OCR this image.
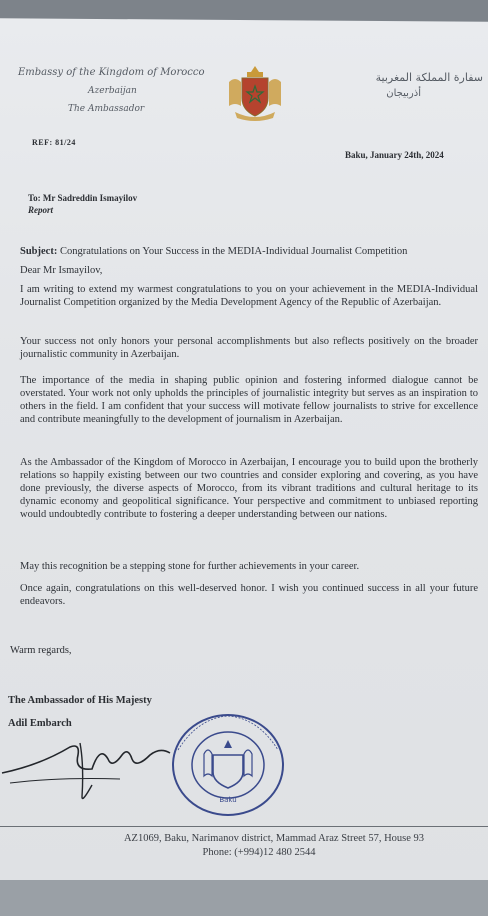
Embassy of the Kingdom of Morocco
Azerbaijan
The Ambassador
سفارة المملكة المغربية
أذربيجان
REF: 81/24
Baku, January 24th, 2024
To: Mr Sadreddin Ismayilov
Report
Subject: Congratulations on Your Success in the MEDIA-Individual Journalist Competition
Dear Mr Ismayilov,
I am writing to extend my warmest congratulations to you on your achievement in the MEDIA-Individual Journalist Competition organized by the Media Development Agency of the Republic of Azerbaijan.
Your success not only honors your personal accomplishments but also reflects positively on the broader journalistic community in Azerbaijan.
The importance of the media in shaping public opinion and fostering informed dialogue cannot be overstated. Your work not only upholds the principles of journalistic integrity but serves as an inspiration to others in the field. I am confident that your success will motivate fellow journalists to strive for excellence and contribute meaningfully to the development of journalism in Azerbaijan.
As the Ambassador of the Kingdom of Morocco in Azerbaijan, I encourage you to build upon the brotherly relations so happily existing between our two countries and consider exploring and covering, as you have done previously, the diverse aspects of Morocco, from its vibrant traditions and cultural heritage to its dynamic economy and geopolitical significance. Your perspective and commitment to unbiased reporting would undoubtedly contribute to fostering a deeper understanding between our nations.
May this recognition be a stepping stone for further achievements in your career.
Once again, congratulations on this well-deserved honor. I wish you continued success in all your future endeavors.
Warm regards,
The Ambassador of His Majesty
Adil Embarch
Baku
AZ1069, Baku, Narimanov district, Mammad Araz Street 57, House 93
Phone: (+994)12 480 2544
